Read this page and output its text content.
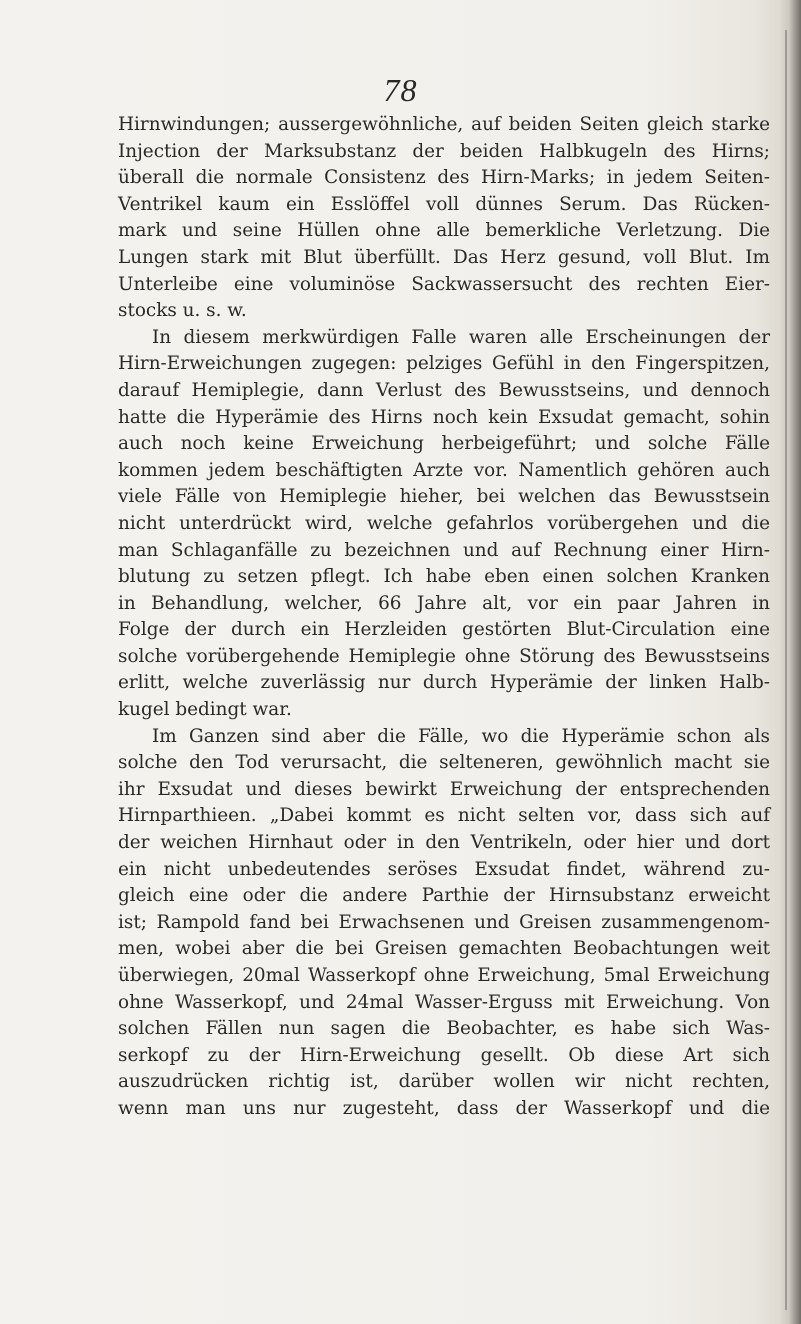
78
Hirnwindungen; aussergewöhnliche, auf beiden Seiten gleich starke
Injection der Marksubstanz der beiden Halbkugeln des Hirns;
überall die normale Consistenz des Hirn-Marks; in jedem Seiten-
Ventrikel kaum ein Esslöffel voll dünnes Serum. Das Rücken-
mark und seine Hüllen ohne alle bemerkliche Verletzung. Die
Lungen stark mit Blut überfüllt. Das Herz gesund, voll Blut. Im
Unterleibe eine voluminöse Sackwassersucht des rechten Eier-
stocks u. s. w.
In diesem merkwürdigen Falle waren alle Erscheinungen der
Hirn-Erweichungen zugegen: pelziges Gefühl in den Fingerspitzen,
darauf Hemiplegie, dann Verlust des Bewusstseins, und dennoch
hatte die Hyperämie des Hirns noch kein Exsudat gemacht, sohin
auch noch keine Erweichung herbeigeführt; und solche Fälle
kommen jedem beschäftigten Arzte vor. Namentlich gehören auch
viele Fälle von Hemiplegie hieher, bei welchen das Bewusstsein
nicht unterdrückt wird, welche gefahrlos vorübergehen und die
man Schlaganfälle zu bezeichnen und auf Rechnung einer Hirn-
blutung zu setzen pflegt. Ich habe eben einen solchen Kranken
in Behandlung, welcher, 66 Jahre alt, vor ein paar Jahren in
Folge der durch ein Herzleiden gestörten Blut-Circulation eine
solche vorübergehende Hemiplegie ohne Störung des Bewusstseins
erlitt, welche zuverlässig nur durch Hyperämie der linken Halb-
kugel bedingt war.
Im Ganzen sind aber die Fälle, wo die Hyperämie schon als
solche den Tod verursacht, die selteneren, gewöhnlich macht sie
ihr Exsudat und dieses bewirkt Erweichung der entsprechenden
Hirnparthieen. „Dabei kommt es nicht selten vor, dass sich auf
der weichen Hirnhaut oder in den Ventrikeln, oder hier und dort
ein nicht unbedeutendes seröses Exsudat findet, während zu-
gleich eine oder die andere Parthie der Hirnsubstanz erweicht
ist; Rampold fand bei Erwachsenen und Greisen zusammengenom-
men, wobei aber die bei Greisen gemachten Beobachtungen weit
überwiegen, 20mal Wasserkopf ohne Erweichung, 5mal Erweichung
ohne Wasserkopf, und 24mal Wasser-Erguss mit Erweichung. Von
solchen Fällen nun sagen die Beobachter, es habe sich Was-
serkopf zu der Hirn-Erweichung gesellt. Ob diese Art sich
auszudrücken richtig ist, darüber wollen wir nicht rechten,
wenn man uns nur zugesteht, dass der Wasserkopf und die
